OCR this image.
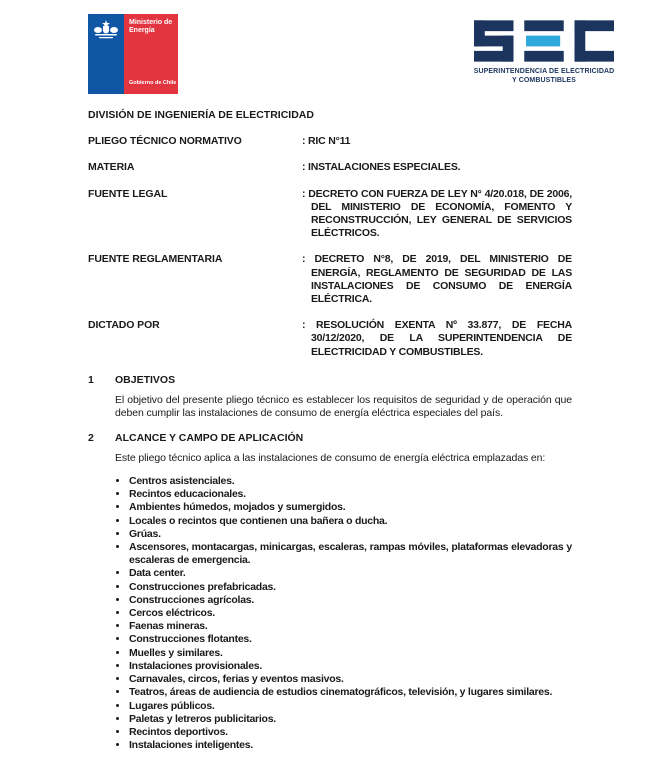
Ministerio de
Energía
Gobierno de Chile
SUPERINTENDENCIA DE ELECTRICIDAD
Y COMBUSTIBLES
DIVISIÓN DE INGENIERÍA DE ELECTRICIDAD
PLIEGO TÉCNICO NORMATIVO	: RIC N°11
MATERIA	: INSTALACIONES ESPECIALES.
FUENTE LEGAL	: DECRETO CON FUERZA DE LEY N° 4/20.018, DE 2006, DEL MINISTERIO DE ECONOMÍA, FOMENTO Y RECONSTRUCCIÓN, LEY GENERAL DE SERVICIOS ELÉCTRICOS.
FUENTE REGLAMENTARIA	: DECRETO N°8, DE 2019, DEL MINISTERIO DE ENERGÍA, REGLAMENTO DE SEGURIDAD DE LAS INSTALACIONES DE CONSUMO DE ENERGÍA ELÉCTRICA.
DICTADO POR	: RESOLUCIÓN EXENTA Nº 33.877, DE FECHA 30/12/2020, DE LA SUPERINTENDENCIA DE ELECTRICIDAD Y COMBUSTIBLES.
1	OBJETIVOS

El objetivo del presente pliego técnico es establecer los requisitos de seguridad y de operación que deben cumplir las instalaciones de consumo de energía eléctrica especiales del país.

2	ALCANCE Y CAMPO DE APLICACIÓN

Este pliego técnico aplica a las instalaciones de consumo de energía eléctrica emplazadas en:

• Centros asistenciales.
• Recintos educacionales.
• Ambientes húmedos, mojados y sumergidos.
• Locales o recintos que contienen una bañera o ducha.
• Grúas.
• Ascensores, montacargas, minicargas, escaleras, rampas móviles, plataformas elevadoras y escaleras de emergencia.
• Data center.
• Construcciones prefabricadas.
• Construcciones agrícolas.
• Cercos eléctricos.
• Faenas mineras.
• Construcciones flotantes.
• Muelles y similares.
• Instalaciones provisionales.
• Carnavales, circos, ferias y eventos masivos.
• Teatros, áreas de audiencia de estudios cinematográficos, televisión, y lugares similares.
• Lugares públicos.
• Paletas y letreros publicitarios.
• Recintos deportivos.
• Instalaciones inteligentes.
